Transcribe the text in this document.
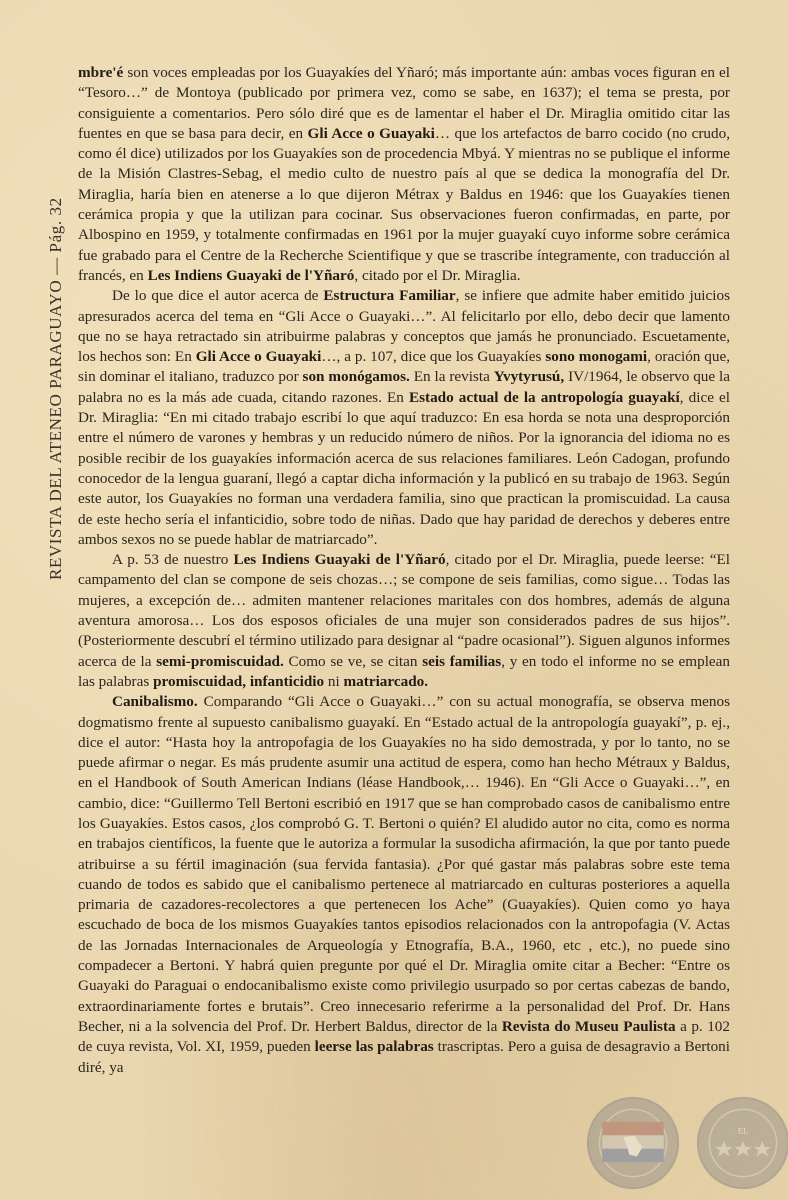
REVISTA DEL ATENEO PARAGUAYO — Pág. 32

mbre'é son voces empleadas por los Guayakíes del Yñaró; más importante aún: ambas voces figuran en el “Tesoro…” de Montoya (publicado por primera vez, como se sabe, en 1637); el tema se presta, por consiguiente a comentarios. Pero sólo diré que es de lamentar el haber el Dr. Miraglia omitido citar las fuentes en que se basa para decir, en Gli Acce o Guayaki… que los artefactos de barro cocido (no crudo, como él dice) utilizados por los Guayakíes son de procedencia Mbyá. Y mientras no se publique el informe de la Misión Clastres-Sebag, el medio culto de nuestro país al que se dedica la monografía del Dr. Miraglia, haría bien en atenerse a lo que dijeron Métrax y Baldus en 1946: que los Guayakíes tienen cerámica propia y que la utilizan para cocinar. Sus observaciones fueron confirmadas, en parte, por Albospino en 1959, y totalmente confirmadas en 1961 por la mujer guayakí cuyo informe sobre cerámica fue grabado para el Centre de la Recherche Scientifique y que se trascribe íntegramente, con traducción al francés, en Les Indiens Guayaki de l'Yñaró, citado por el Dr. Miraglia.

De lo que dice el autor acerca de Estructura Familiar, se infiere que admite haber emitido juicios apresurados acerca del tema en “Gli Acce o Guayaki…”. Al felicitarlo por ello, debo decir que lamento que no se haya retractado sin atribuirme palabras y conceptos que jamás he pronunciado. Escuetamente, los hechos son: En Gli Acce o Guayaki…, a p. 107, dice que los Guayakíes sono monogami, oración que, sin dominar el italiano, traduzco por son monógamos. En la revista Yvytyrusú, IV/1964, le observo que la palabra no es la más ade cuada, citando razones. En Estado actual de la antropología guayakí, dice el Dr. Miraglia: “En mi citado trabajo escribí lo que aquí traduzco: En esa horda se nota una desproporción entre el número de varones y hembras y un reducido número de niños. Por la ignorancia del idioma no es posible recibir de los guayakíes información acerca de sus relaciones familiares. León Cadogan, profundo conocedor de la lengua guaraní, llegó a captar dicha información y la publicó en su trabajo de 1963. Según este autor, los Guayakíes no forman una verdadera familia, sino que practican la promiscuidad. La causa de este hecho sería el infanticidio, sobre todo de niñas. Dado que hay paridad de derechos y deberes entre ambos sexos no se puede hablar de matriarcado”.

A p. 53 de nuestro Les Indiens Guayaki de l'Yñaró, citado por el Dr. Miraglia, puede leerse: “El campamento del clan se compone de seis chozas…; se compone de seis familias, como sigue… Todas las mujeres, a excepción de… admiten mantener relaciones maritales con dos hombres, además de alguna aventura amorosa… Los dos esposos oficiales de una mujer son considerados padres de sus hijos”. (Posteriormente descubrí el término utilizado para designar al “padre ocasional”). Siguen algunos informes acerca de la semi-promiscuidad. Como se ve, se citan seis familias, y en todo el informe no se emplean las palabras promiscuidad, infanticidio ni matriarcado.

Canibalismo. Comparando “Gli Acce o Guayaki…” con su actual monografía, se observa menos dogmatismo frente al supuesto canibalismo guayakí. En “Estado actual de la antropología guayakí”, p. ej., dice el autor: “Hasta hoy la antropofagia de los Guayakíes no ha sido demostrada, y por lo tanto, no se puede afirmar o negar. Es más prudente asumir una actitud de espera, como han hecho Métraux y Baldus, en el Handbook of South American Indians (léase Handbook,… 1946). En “Gli Acce o Guayaki…”, en cambio, dice: “Guillermo Tell Bertoni escribió en 1917 que se han comprobado casos de canibalismo entre los Guayakíes. Estos casos, ¿los comprobó G. T. Bertoni o quién? El aludido autor no cita, como es norma en trabajos científicos, la fuente que le autoriza a formular la susodicha afirmación, la que por tanto puede atribuirse a su fértil imaginación (sua fervida fantasia). ¿Por qué gastar más palabras sobre este tema cuando de todos es sabido que el canibalismo pertenece al matriarcado en culturas posteriores a aquella primaria de cazadores-recolectores a que pertenecen los Ache” (Guayakíes). Quien como yo haya escuchado de boca de los mismos Guayakíes tantos episodios relacionados con la antropofagia (V. Actas de las Jornadas Internacionales de Arqueología y Etnografía, B.A., 1960, etc , etc.), no puede sino compadecer a Bertoni. Y habrá quien pregunte por qué el Dr. Miraglia omite citar a Becher: “Entre os Guayaki do Paraguai o endocanibalismo existe como privilegio usurpado so por certas cabezas de bando, extraordinariamente fortes e brutais”. Creo innecesario referirme a la personalidad del Prof. Dr. Hans Becher, ni a la solvencia del Prof. Dr. Herbert Baldus, director de la Revista do Museu Paulista a p. 102 de cuya revista, Vol. XI, 1959, pueden leerse las palabras trascriptas. Pero a guisa de desagravio a Bertoni diré, ya

EL
